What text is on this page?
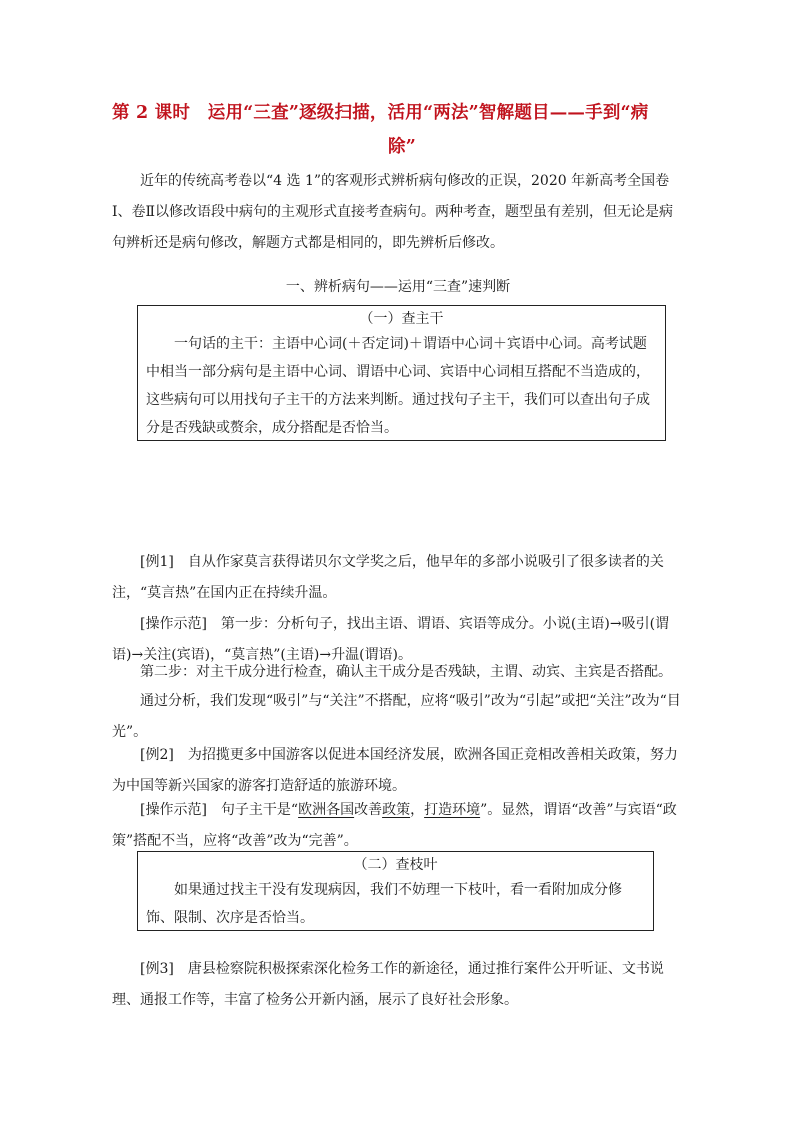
第 2 课时　运用“三查”逐级扫描，活用“两法”智解题目——手到“病
除”
近年的传统高考卷以“4 选 1”的客观形式辨析病句修改的正误，2020 年新高考全国卷Ⅰ、卷Ⅱ以修改语段中病句的主观形式直接考查病句。两种考查，题型虽有差别，但无论是病句辨析还是病句修改，解题方式都是相同的，即先辨析后修改。
一、辨析病句——运用“三查”速判断
（一）查主干
一句话的主干：主语中心词(＋否定词)＋谓语中心词＋宾语中心词。高考试题中相当一部分病句是主语中心词、谓语中心词、宾语中心词相互搭配不当造成的，这些病句可以用找句子主干的方法来判断。通过找句子主干，我们可以查出句子成分是否残缺或赘余，成分搭配是否恰当。
[例1]　自从作家莫言获得诺贝尔文学奖之后，他早年的多部小说吸引了很多读者的关注，“莫言热”在国内正在持续升温。
[操作示范]　第一步：分析句子，找出主语、谓语、宾语等成分。小说(主语)→吸引(谓语)→关注(宾语)，“莫言热”(主语)→升温(谓语)。
第二步：对主干成分进行检查，确认主干成分是否残缺，主谓、动宾、主宾是否搭配。
通过分析，我们发现“吸引”与“关注”不搭配，应将“吸引”改为“引起”或把“关注”改为“目光”。
[例2]　为招揽更多中国游客以促进本国经济发展，欧洲各国正竞相改善相关政策，努力为中国等新兴国家的游客打造舒适的旅游环境。
[操作示范]　句子主干是“欧洲各国改善政策，打造环境”。显然，谓语“改善”与宾语“政策”搭配不当，应将“改善”改为“完善”。
（二）查枝叶
如果通过找主干没有发现病因，我们不妨理一下枝叶，看一看附加成分修饰、限制、次序是否恰当。
[例3]　唐县检察院积极探索深化检务工作的新途径，通过推行案件公开听证、文书说理、通报工作等，丰富了检务公开新内涵，展示了良好社会形象。
